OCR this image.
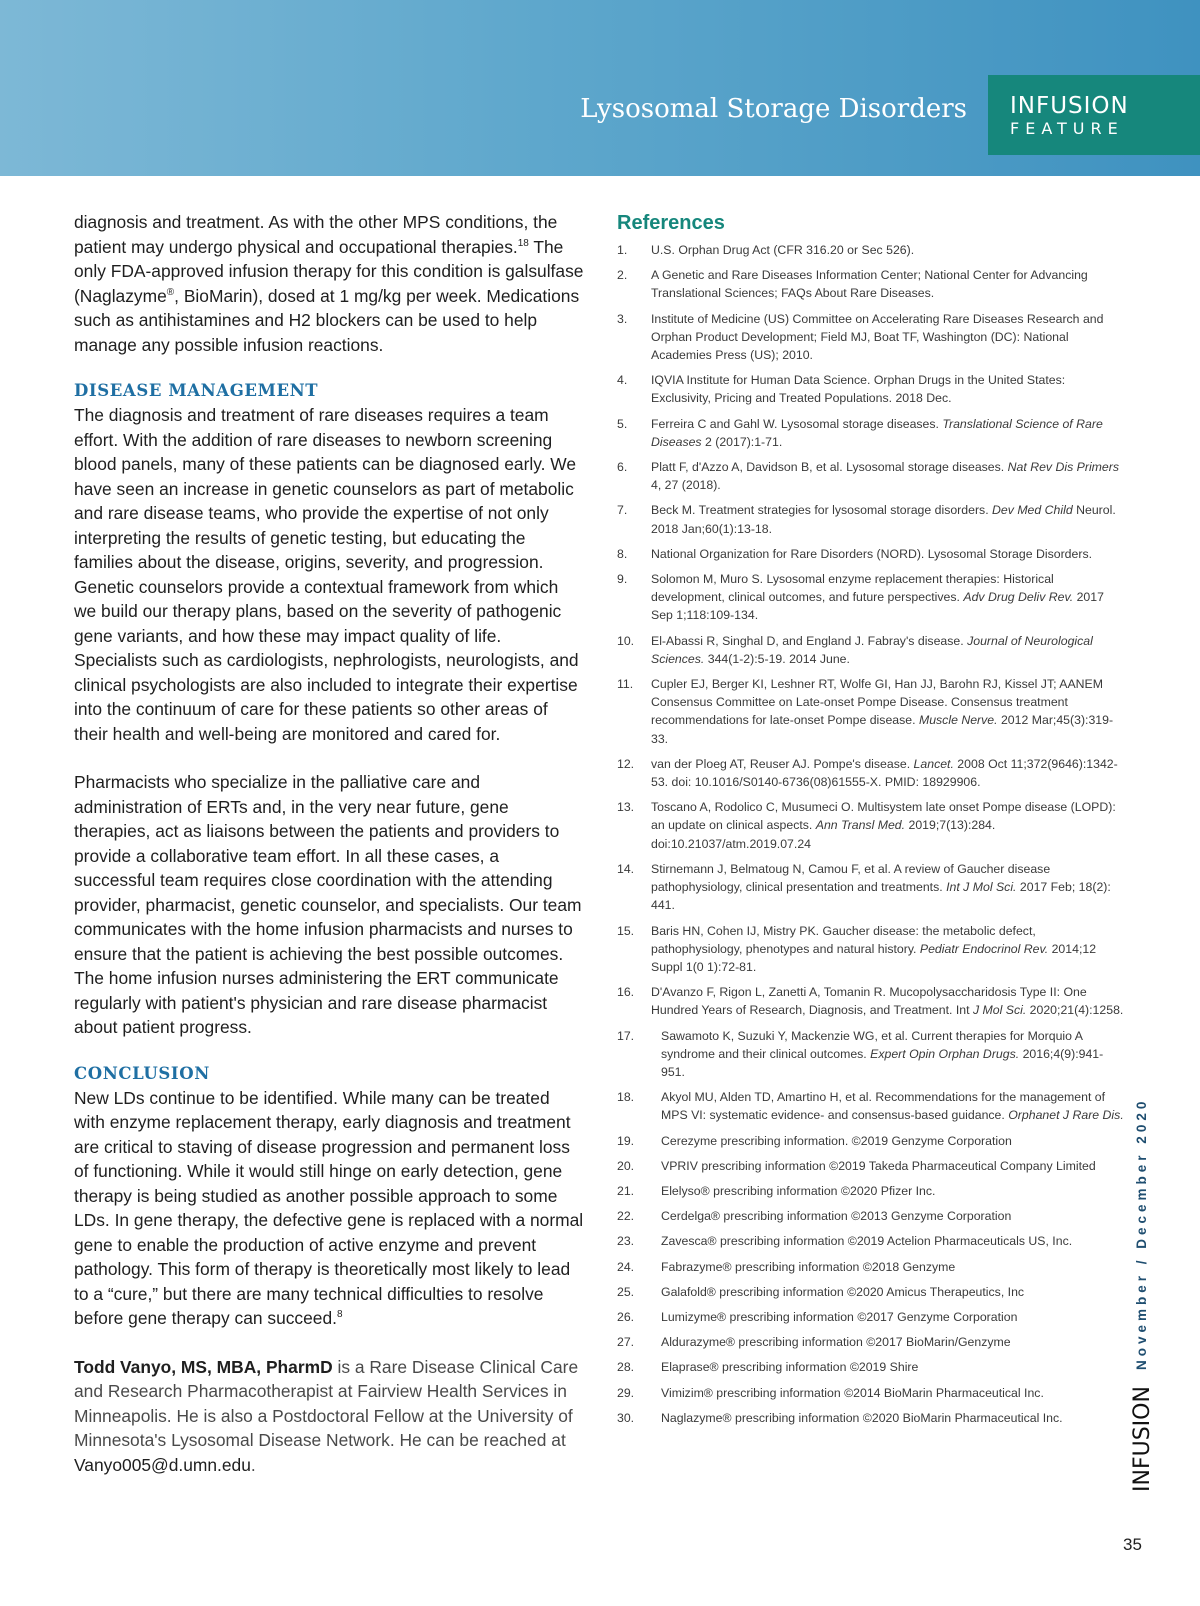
Lysosomal Storage Disorders INFUSION
FEATURE

diagnosis and treatment. As with the other MPS conditions, the patient may undergo physical and occupational therapies.$^{18}$ The only FDA-approved infusion therapy for this condition is galsulfase (Naglazyme®, BioMarin), dosed at 1 mg/kg per week. Medications such as antihistamines and H2 blockers can be used to help manage any possible infusion reactions.

DISEASE MANAGEMENT

The diagnosis and treatment of rare diseases requires a team effort. With the addition of rare diseases to newborn screening blood panels, many of these patients can be diagnosed early. We have seen an increase in genetic counselors as part of metabolic and rare disease teams, who provide the expertise of not only interpreting the results of genetic testing, but educating the families about the disease, origins, severity, and progression. Genetic counselors provide a contextual framework from which we build our therapy plans, based on the severity of pathogenic gene variants, and how these may impact quality of life. Specialists such as cardiologists, nephrologists, neurologists, and clinical psychologists are also included to integrate their expertise into the continuum of care for these patients so other areas of their health and well-being are monitored and cared for.

Pharmacists who specialize in the palliative care and administration of ERTs and, in the very near future, gene therapies, act as liaisons between the patients and providers to provide a collaborative team effort. In all these cases, a successful team requires close coordination with the attending provider, pharmacist, genetic counselor, and specialists. Our team communicates with the home infusion pharmacists and nurses to ensure that the patient is achieving the best possible outcomes. The home infusion nurses administering the ERT communicate regularly with patient's physician and rare disease pharmacist about patient progress.

CONCLUSION

New LDs continue to be identified. While many can be treated with enzyme replacement therapy, early diagnosis and treatment are critical to staving of disease progression and permanent loss of functioning. While it would still hinge on early detection, gene therapy is being studied as another possible approach to some LDs. In gene therapy, the defective gene is replaced with a normal gene to enable the production of active enzyme and prevent pathology. This form of therapy is theoretically most likely to lead to a “cure,” but there are many technical difficulties to resolve before gene therapy can succeed.$^8$

Todd Vanyo, MS, MBA, PharmD is a Rare Disease Clinical Care and Research Pharmacotherapist at Fairview Health Services in Minneapolis. He is also a Postdoctoral Fellow at the University of Minnesota's Lysosomal Disease Network. He can be reached at Vanyo005@d.umn.edu.

References
1. U.S. Orphan Drug Act (CFR 316.20 or Sec 526).
2. A Genetic and Rare Diseases Information Center; National Center for Advancing Translational Sciences; FAQs About Rare Diseases.
3. Institute of Medicine (US) Committee on Accelerating Rare Diseases Research and Orphan Product Development; Field MJ, Boat TF, Washington (DC): National Academies Press (US); 2010.
4. IQVIA Institute for Human Data Science. Orphan Drugs in the United States: Exclusivity, Pricing and Treated Populations. 2018 Dec.
5. Ferreira C and Gahl W. Lysosomal storage diseases. Translational Science of Rare Diseases 2 (2017):1-71.
6. Platt F, d'Azzo A, Davidson B, et al. Lysosomal storage diseases. Nat Rev Dis Primers 4, 27 (2018).
7. Beck M. Treatment strategies for lysosomal storage disorders. Dev Med Child Neurol. 2018 Jan;60(1):13-18.
8. National Organization for Rare Disorders (NORD). Lysosomal Storage Disorders.
9. Solomon M, Muro S. Lysosomal enzyme replacement therapies: Historical development, clinical outcomes, and future perspectives. Adv Drug Deliv Rev. 2017 Sep 1;118:109-134.
10. El-Abassi R, Singhal D, and England J. Fabray's disease. Journal of Neurological Sciences. 344(1-2):5-19. 2014 June.
11. Cupler EJ, Berger KI, Leshner RT, Wolfe GI, Han JJ, Barohn RJ, Kissel JT; AANEM Consensus Committee on Late-onset Pompe Disease. Consensus treatment recommendations for late-onset Pompe disease. Muscle Nerve. 2012 Mar;45(3):319-33.
12. van der Ploeg AT, Reuser AJ. Pompe's disease. Lancet. 2008 Oct 11;372(9646):1342-53. doi: 10.1016/S0140-6736(08)61555-X. PMID: 18929906.
13. Toscano A, Rodolico C, Musumeci O. Multisystem late onset Pompe disease (LOPD): an update on clinical aspects. Ann Transl Med. 2019;7(13):284. doi:10.21037/atm.2019.07.24
14. Stirnemann J, Belmatoug N, Camou F, et al. A review of Gaucher disease pathophysiology, clinical presentation and treatments. Int J Mol Sci. 2017 Feb; 18(2): 441.
15. Baris HN, Cohen IJ, Mistry PK. Gaucher disease: the metabolic defect, pathophysiology, phenotypes and natural history. Pediatr Endocrinol Rev. 2014;12 Suppl 1(0 1):72-81.
16. D'Avanzo F, Rigon L, Zanetti A, Tomanin R. Mucopolysaccharidosis Type II: One Hundred Years of Research, Diagnosis, and Treatment. Int J Mol Sci. 2020;21(4):1258.
17. Sawamoto K, Suzuki Y, Mackenzie WG, et al. Current therapies for Morquio A syndrome and their clinical outcomes. Expert Opin Orphan Drugs. 2016;4(9):941-951.
18. Akyol MU, Alden TD, Amartino H, et al. Recommendations for the management of MPS VI: systematic evidence- and consensus-based guidance. Orphanet J Rare Dis.
19. Cerezyme prescribing information. ©2019 Genzyme Corporation
20. VPRIV prescribing information ©2019 Takeda Pharmaceutical Company Limited
21. Elelyso® prescribing information ©2020 Pfizer Inc.
22. Cerdelga® prescribing information ©2013 Genzyme Corporation
23. Zavesca® prescribing information ©2019 Actelion Pharmaceuticals US, Inc.
24. Fabrazyme® prescribing information ©2018 Genzyme
25. Galafold® prescribing information ©2020 Amicus Therapeutics, Inc
26. Lumizyme® prescribing information ©2017 Genzyme Corporation
27. Aldurazyme® prescribing information ©2017 BioMarin/Genzyme
28. Elaprase® prescribing information ©2019 Shire
29. Vimizim® prescribing information ©2014 BioMarin Pharmaceutical Inc.
30. Naglazyme® prescribing information ©2020 BioMarin Pharmaceutical Inc.
November / December 2020
INFUSION
35
